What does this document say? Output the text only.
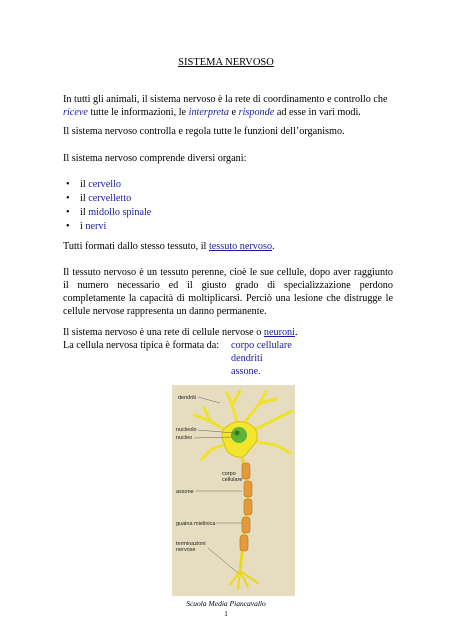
SISTEMA NERVOSO
In tutti gli animali, il sistema nervoso è la rete di coordinamento e controllo che
riceve tutte le informazioni, le interpreta e risponde ad esse in vari modi.
Il sistema nervoso controlla e regola tutte le funzioni dell’organismo.
Il sistema nervoso comprende diversi organi:
• il cervello
• il cervelletto
• il midollo spinale
• i nervi
Tutti formati dallo stesso tessuto, il tessuto nervoso.
Il tessuto nervoso è un tessuto perenne, cioè le sue cellule, dopo aver raggiunto il numero necessario ed il giusto grado di specializzazione perdono completamente la capacità di moltiplicarsi. Perciò una lesione che distrugge le cellule nervose rappresenta un danno permanente.
Il sistema nervoso è una rete di cellule nervose o neuroni.
La cellula nervosa tipica è formata da:	corpo cellulare
dendriti
assone.
dendriti
nucleolo
nucleo
corpo
cellulare
assone
guaina mielinica
terminazioni
nervose
Scuola Media Piancavallo
1
